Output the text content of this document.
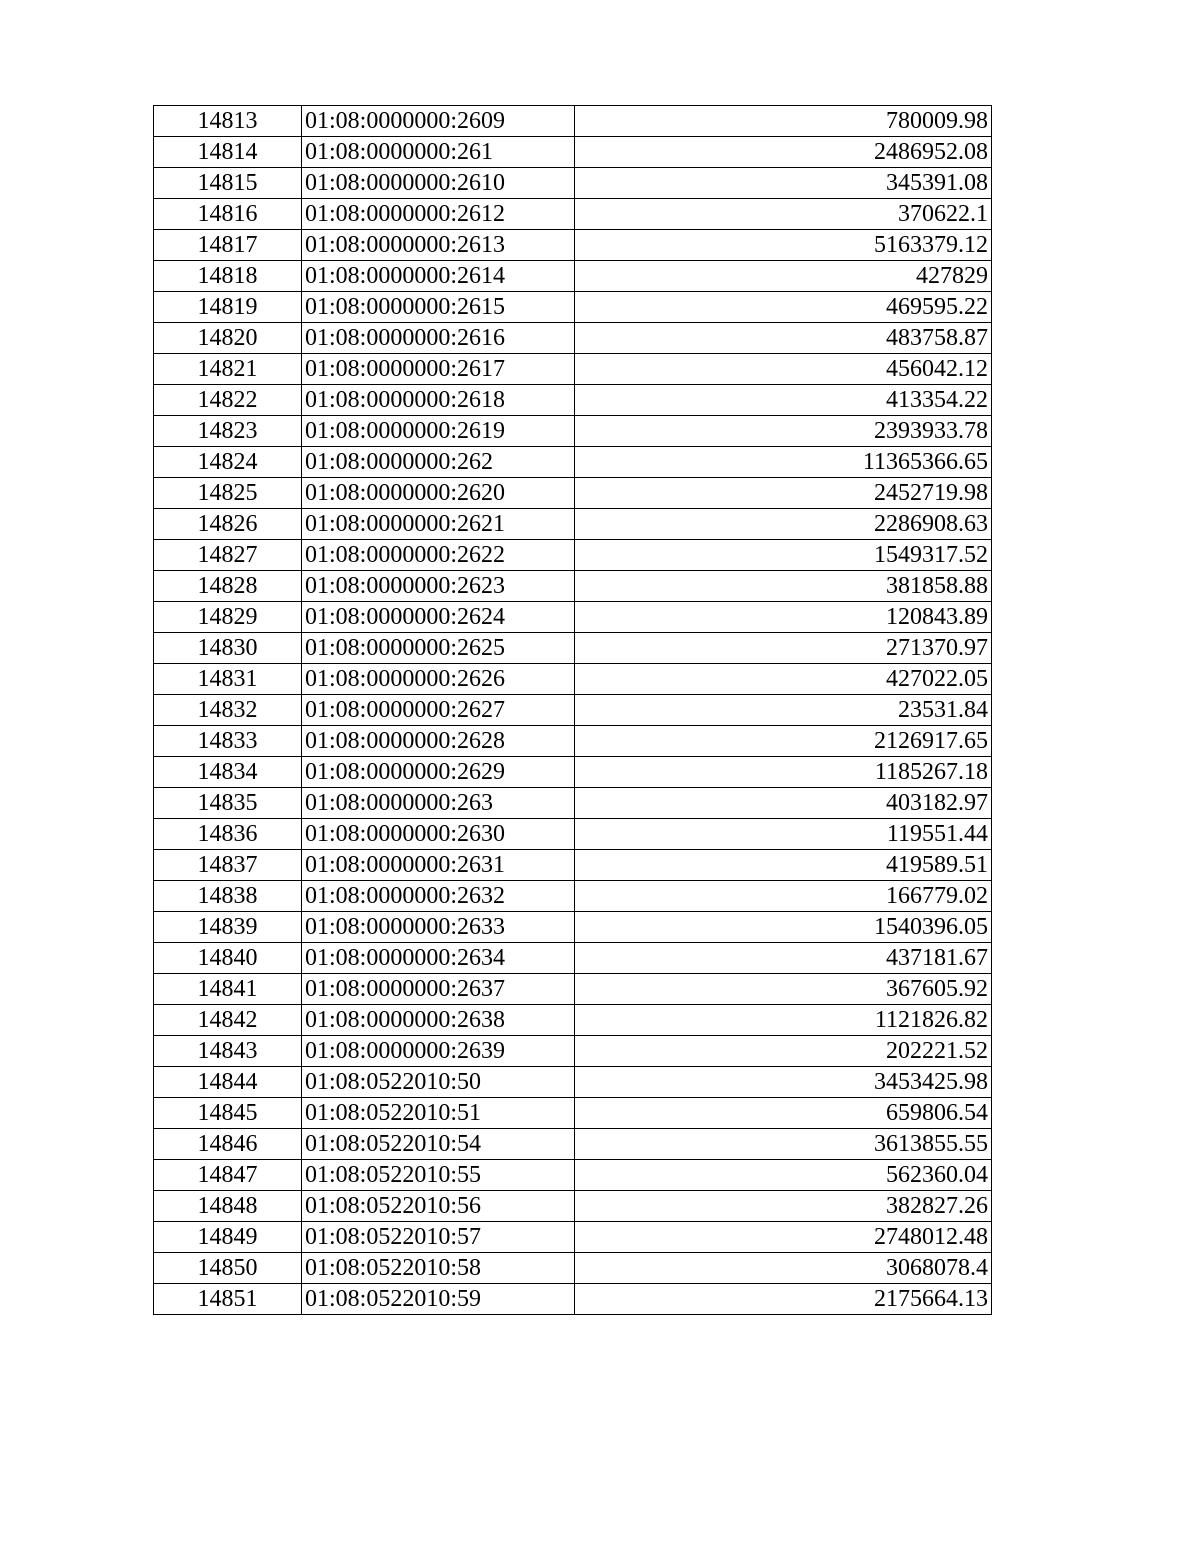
14813	01:08:0000000:2609	780009.98
14814	01:08:0000000:261	2486952.08
14815	01:08:0000000:2610	345391.08
14816	01:08:0000000:2612	370622.1
14817	01:08:0000000:2613	5163379.12
14818	01:08:0000000:2614	427829
14819	01:08:0000000:2615	469595.22
14820	01:08:0000000:2616	483758.87
14821	01:08:0000000:2617	456042.12
14822	01:08:0000000:2618	413354.22
14823	01:08:0000000:2619	2393933.78
14824	01:08:0000000:262	11365366.65
14825	01:08:0000000:2620	2452719.98
14826	01:08:0000000:2621	2286908.63
14827	01:08:0000000:2622	1549317.52
14828	01:08:0000000:2623	381858.88
14829	01:08:0000000:2624	120843.89
14830	01:08:0000000:2625	271370.97
14831	01:08:0000000:2626	427022.05
14832	01:08:0000000:2627	23531.84
14833	01:08:0000000:2628	2126917.65
14834	01:08:0000000:2629	1185267.18
14835	01:08:0000000:263	403182.97
14836	01:08:0000000:2630	119551.44
14837	01:08:0000000:2631	419589.51
14838	01:08:0000000:2632	166779.02
14839	01:08:0000000:2633	1540396.05
14840	01:08:0000000:2634	437181.67
14841	01:08:0000000:2637	367605.92
14842	01:08:0000000:2638	1121826.82
14843	01:08:0000000:2639	202221.52
14844	01:08:0522010:50	3453425.98
14845	01:08:0522010:51	659806.54
14846	01:08:0522010:54	3613855.55
14847	01:08:0522010:55	562360.04
14848	01:08:0522010:56	382827.26
14849	01:08:0522010:57	2748012.48
14850	01:08:0522010:58	3068078.4
14851	01:08:0522010:59	2175664.13
